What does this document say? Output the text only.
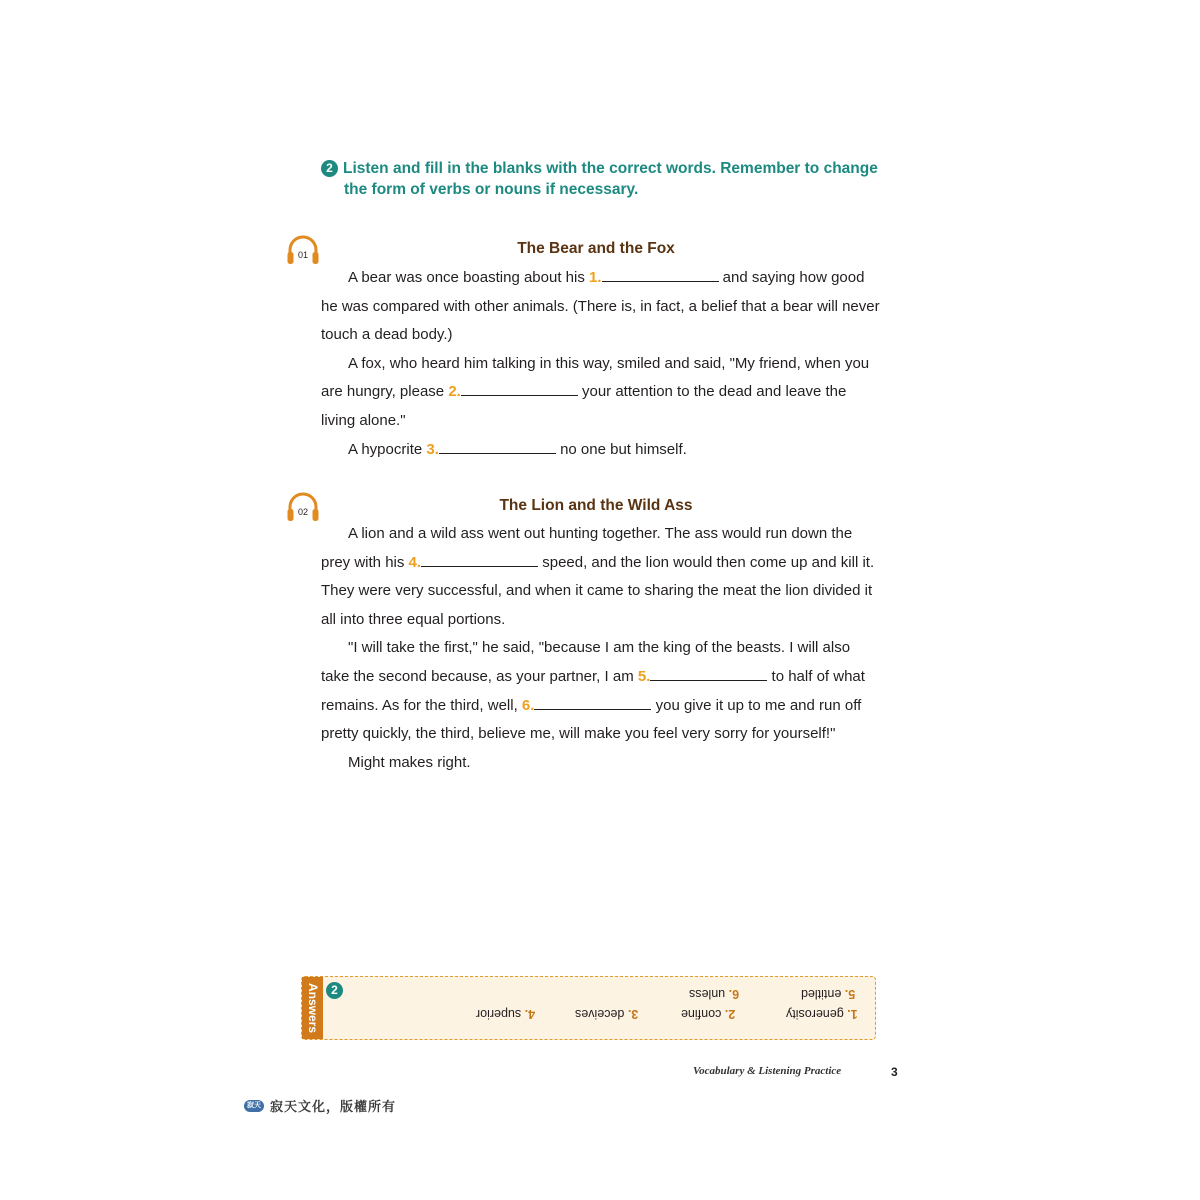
2 Listen and fill in the blanks with the correct words. Remember to change
the form of verbs or nouns if necessary.
01	The Bear and the Fox

A bear was once boasting about his 1.	and saying how good he was compared with other animals. (There is, in fact, a belief that a bear will never touch a dead body.)

A fox, who heard him talking in this way, smiled and said, "My friend, when you are hungry, please 2.	your attention to the dead and leave the living alone."

A hypocrite 3.	no one but himself.

02	The Lion and the Wild Ass

A lion and a wild ass went out hunting together. The ass would run down the prey with his 4.	speed, and the lion would then come up and kill it. They were very successful, and when it came to sharing the meat the lion divided it all into three equal portions.

"I will take the first," he said, "because I am the king of the beasts. I will also take the second because, as your partner, I am 5.	to half of what remains. As for the third, well, 6.	you give it up to me and run off pretty quickly, the third, believe me, will make you feel very sorry for yourself!"

Might makes right.

Answers 2
1. generosity
2. confine
3. deceives
4. superior
5. entitled
6. unless
Vocabulary & Listening Practice	3
寂天 寂天文化，版權所有
